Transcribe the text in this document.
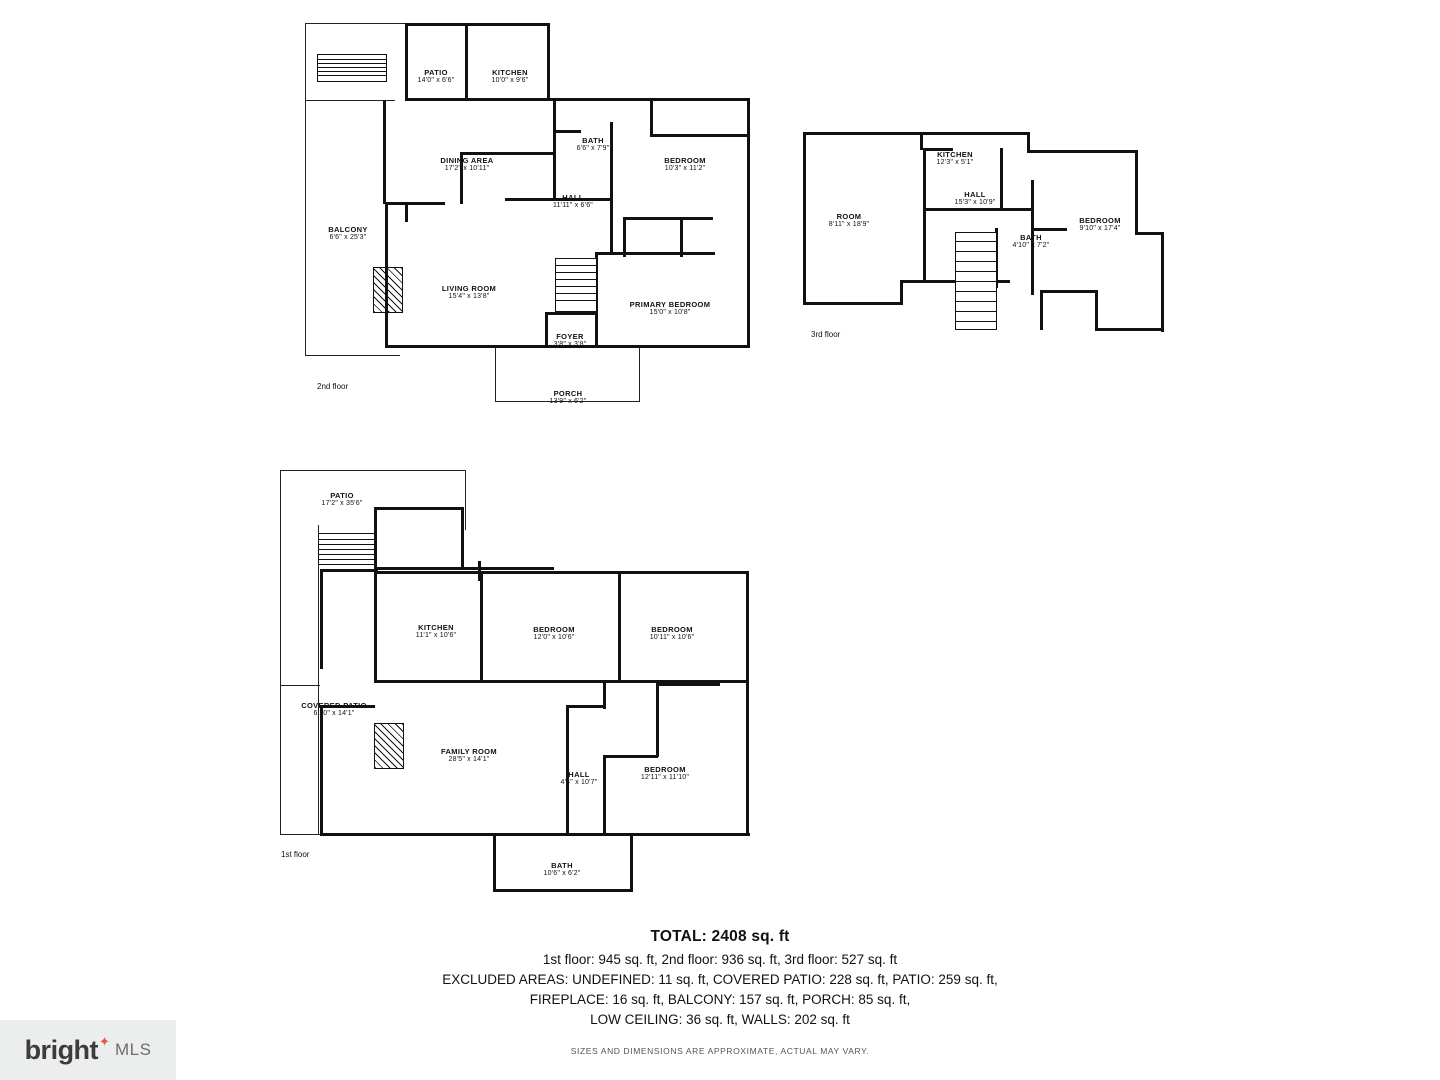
PATIO
14'0" x 6'6"
KITCHEN
10'0" x 9'6"
BATH
6'6" x 7'9"
BEDROOM
10'3" x 11'2"
DINING AREA
17'2" x 10'11"
HALL
11'11" x 6'6"
BALCONY
6'6" x 25'3"
LIVING ROOM
15'4" x 13'8"
PRIMARY BEDROOM
15'0" x 10'8"
FOYER
3'8" x 3'8"
PORCH
13'9" x 6'2"
2nd floor
KITCHEN
12'3" x 5'1"
HALL
15'3" x 10'9"
ROOM
8'11" x 18'9"
BATH
4'10" x 7'2"
BEDROOM
9'10" x 17'4"
3rd floor
PATIO
17'2" x 35'6"
KITCHEN
11'1" x 10'6"
BEDROOM
12'0" x 10'6"
BEDROOM
10'11" x 10'6"
COVERED PATIO
6'10" x 14'1"
FAMILY ROOM
28'5" x 14'1"
HALL
4'4" x 10'7"
BEDROOM
12'11" x 11'10"
BATH
10'6" x 6'2"
1st floor
TOTAL: 2408 sq. ft
1st floor: 945 sq. ft, 2nd floor: 936 sq. ft, 3rd floor: 527 sq. ft
EXCLUDED AREAS: UNDEFINED: 11 sq. ft, COVERED PATIO: 228 sq. ft, PATIO: 259 sq. ft,
FIREPLACE: 16 sq. ft, BALCONY: 157 sq. ft, PORCH: 85 sq. ft,
LOW CEILING: 36 sq. ft, WALLS: 202 sq. ft
SIZES AND DIMENSIONS ARE APPROXIMATE, ACTUAL MAY VARY.
bright ✦ MLS
